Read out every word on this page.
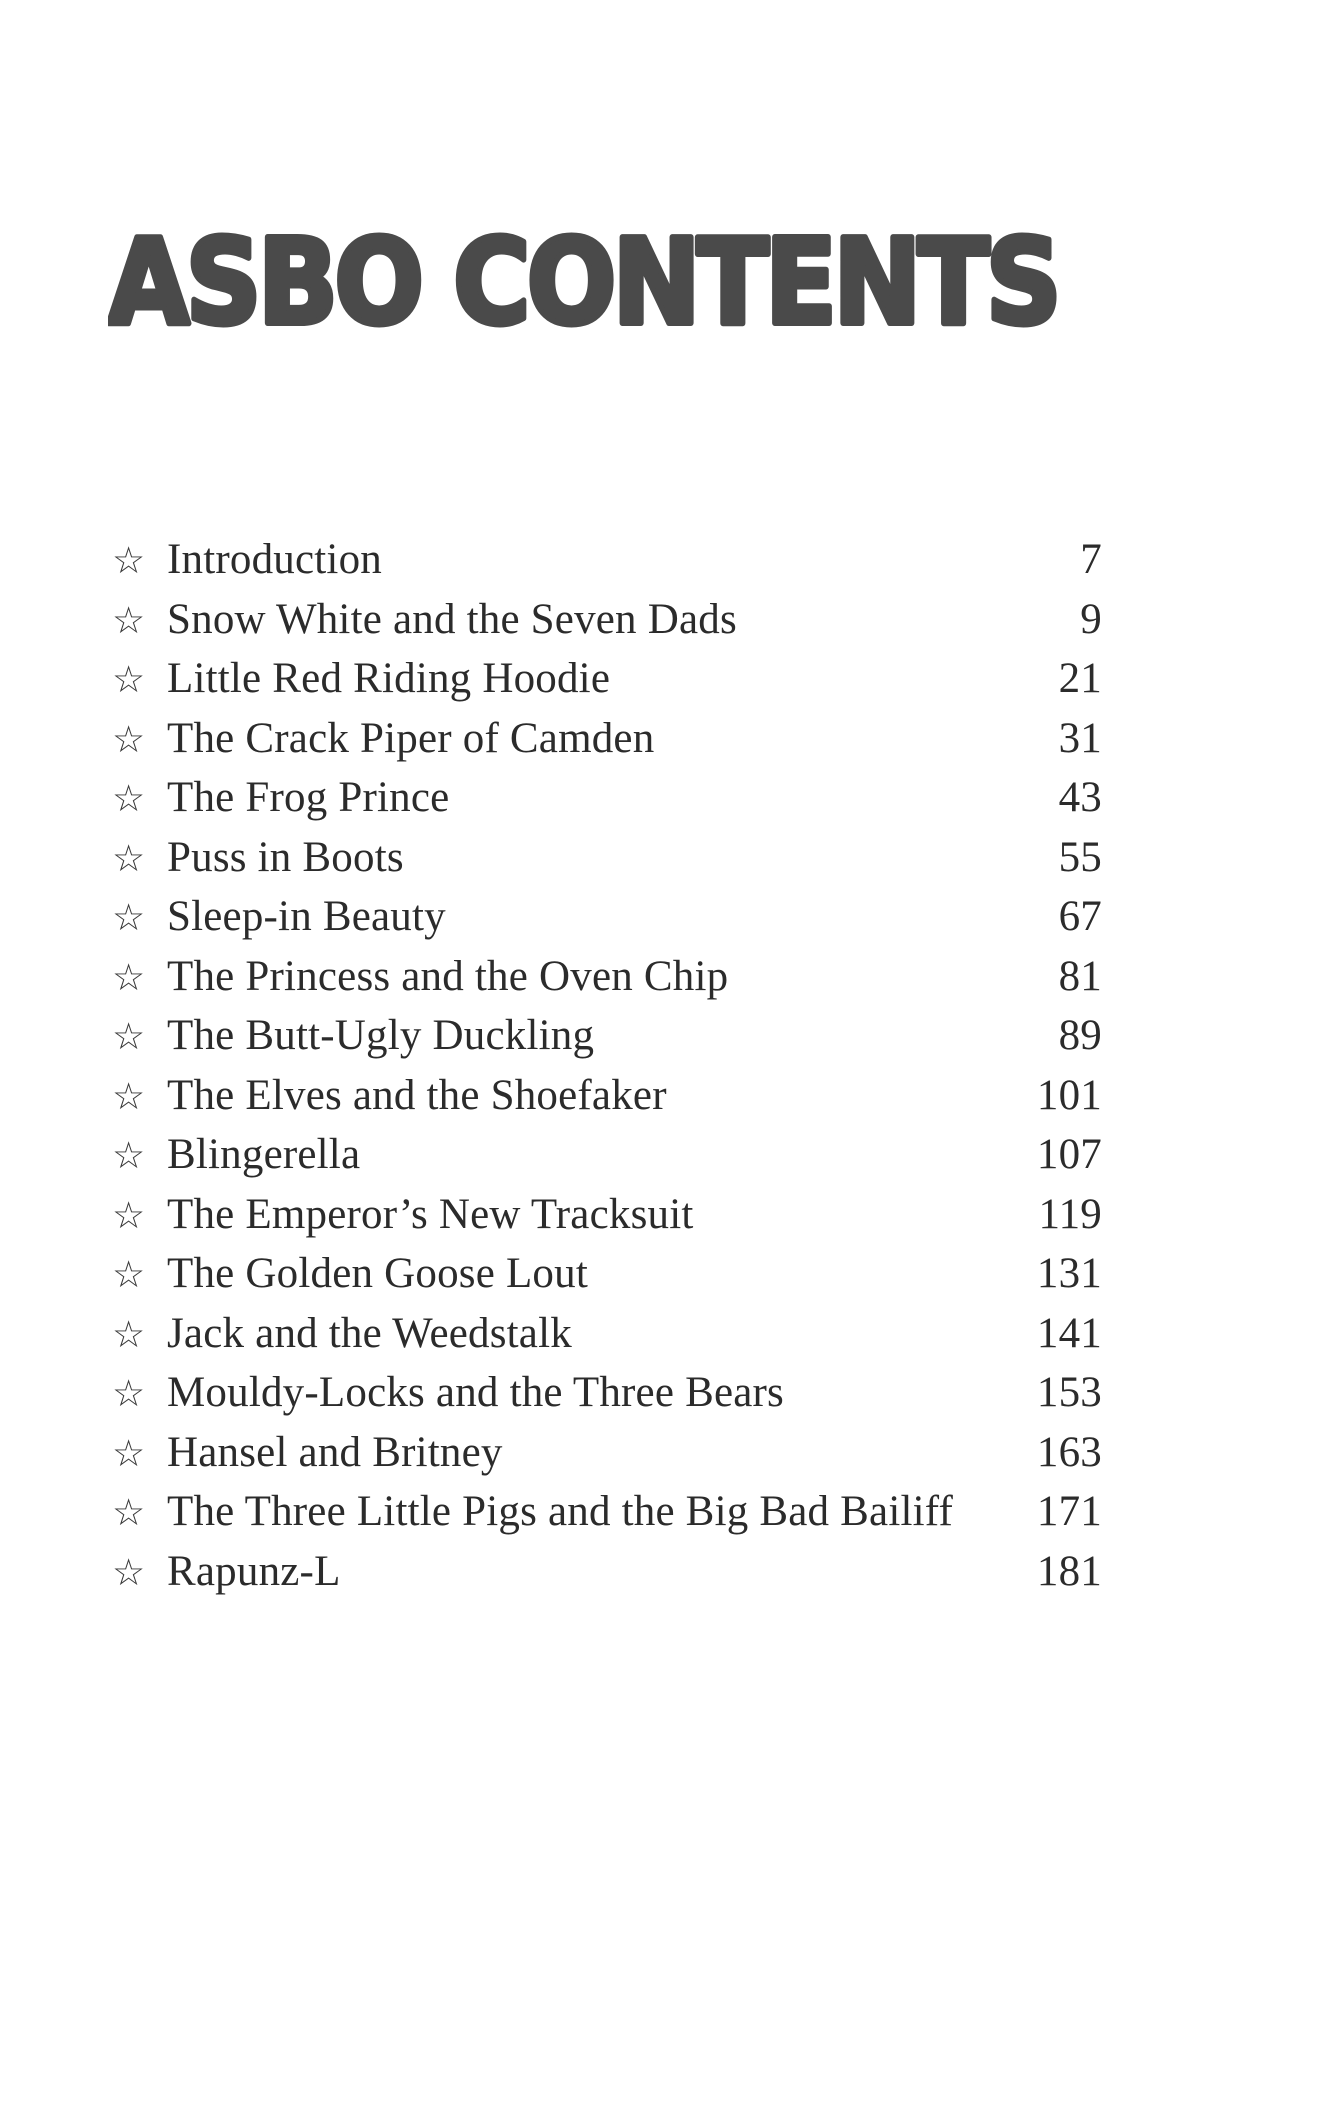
ASBO CONTENTS
☆ Introduction	7
☆ Snow White and the Seven Dads	9
☆ Little Red Riding Hoodie	21
☆ The Crack Piper of Camden	31
☆ The Frog Prince	43
☆ Puss in Boots	55
☆ Sleep-in Beauty	67
☆ The Princess and the Oven Chip	81
☆ The Butt-Ugly Duckling	89
☆ The Elves and the Shoefaker	101
☆ Blingerella	107
☆ The Emperor’s New Tracksuit	119
☆ The Golden Goose Lout	131
☆ Jack and the Weedstalk	141
☆ Mouldy-Locks and the Three Bears	153
☆ Hansel and Britney	163
☆ The Three Little Pigs and the Big Bad Bailiff	171
☆ Rapunz-L	181
